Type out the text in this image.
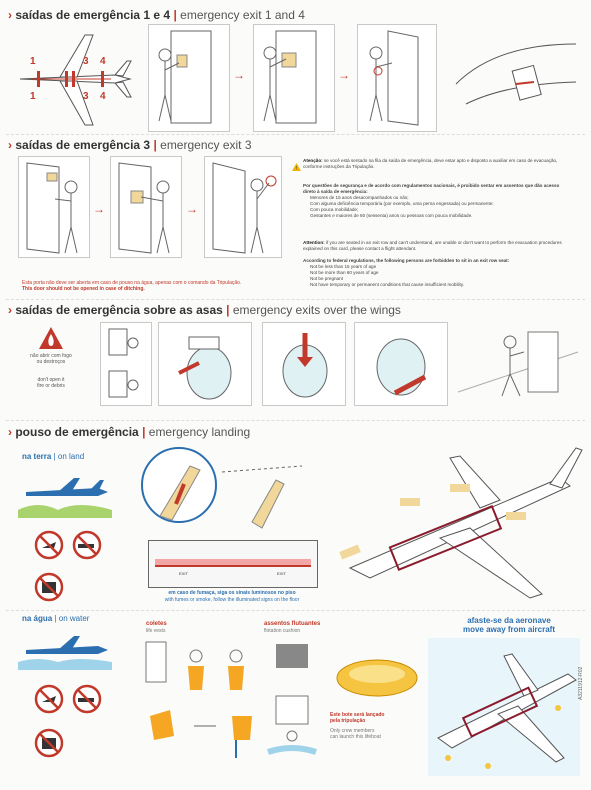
› saídas de emergência 1 e 4 | emergency exit 1 and 4
1	3 4
1	3 4
→	→
› saídas de emergência 3 | emergency exit 3
→	→
Esta porta não deve ser aberta em caso de pouso na água, apenas com o comando da Tripulação.
This door should not be opened in case of ditching.
!
Atenção: se você está sentado na fila da saída de emergência, deve estar apto e disposto a auxiliar em caso de evacuação, conforme instruções da Tripulação.
Por questões de segurança e de acordo com regulamentos nacionais, é proibido sentar em assentos que dão acesso direto à saída de emergência:
Menores de 15 anos desacompanhados ou não;
Com alguma deficiência temporária (por exemplo, uma perna engessada) ou permanente;
Com pouca mobilidade;
Gestantes e maiores de 60 (sessenta) anos ou pessoas com pouca mobilidade.
Attention: if you are seated in an exit row and can't understand, are unable or don't want to perform the evacuation procedures explained on this card, please contact a flight attendant.
According to federal regulations, the following persons are forbidden to sit in an exit row seat:
Not be less than 15 years of age
Not be more than 60 years of age
Not be pregnant
Not have temporary or permanent conditions that cause insufficient mobility.
› saídas de emergência sobre as asas | emergency exits over the wings
não abrir com fogo
ou destroços
don't open it
fire or debris
› pouso de emergência | emergency landing
na terra | on land
EXIT	EXIT
em caso de fumaça, siga os sinais luminosos no piso
with fumes or smoke, follow the illuminated signs on the floor
na água | on water
coletes
life vests
assentos flutuantes
flotation cushion
Este bote será lançado
pela tripulação
Only crew members
can launch this lifeboat
afaste-se da aeronave
move away from aircraft
A3211912-R02
